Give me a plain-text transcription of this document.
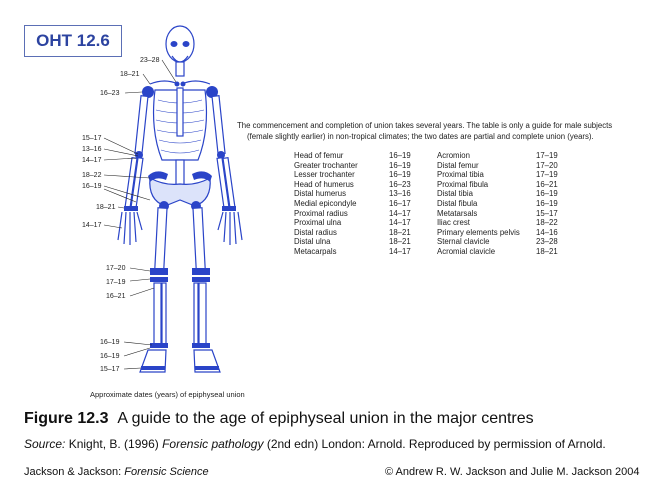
OHT 12.6
23–28
18–21
16–23
15–17
13–16
14–17
18–22
16–19
18–21
14–17
17–20
17–19
16–21
16–19
16–19
15–17
Approximate dates (years) of epiphyseal union

The commencement and completion of union takes several years. The table is only a guide for male subjects

(female slightly earlier) in non-tropical climates; the two dates are partial and complete union (years).

Head of femur	16–19	Acromion	17–19
Greater trochanter	16–19	Distal femur	17–20
Lesser trochanter	16–19	Proximal tibia	17–19
Head of humerus	16–23	Proximal fibula	16–21
Distal humerus	13–16	Distal tibia	16–19
Medial epicondyle	16–17	Distal fibula	16–19
Proximal radius	14–17	Metatarsals	15–17
Proximal ulna	14–17	Iliac crest	18–22
Distal radius	18–21	Primary elements pelvis	14–16
Distal ulna	18–21	Sternal clavicle	23–28
Metacarpals	14–17	Acromial clavicle	18–21
Figure 12.3 A guide to the age of epiphyseal union in the major centres
Source: Knight, B. (1996) Forensic pathology (2nd edn) London: Arnold. Reproduced by permission of Arnold.
Jackson & Jackson: Forensic Science	© Andrew R. W. Jackson and Julie M. Jackson 2004
